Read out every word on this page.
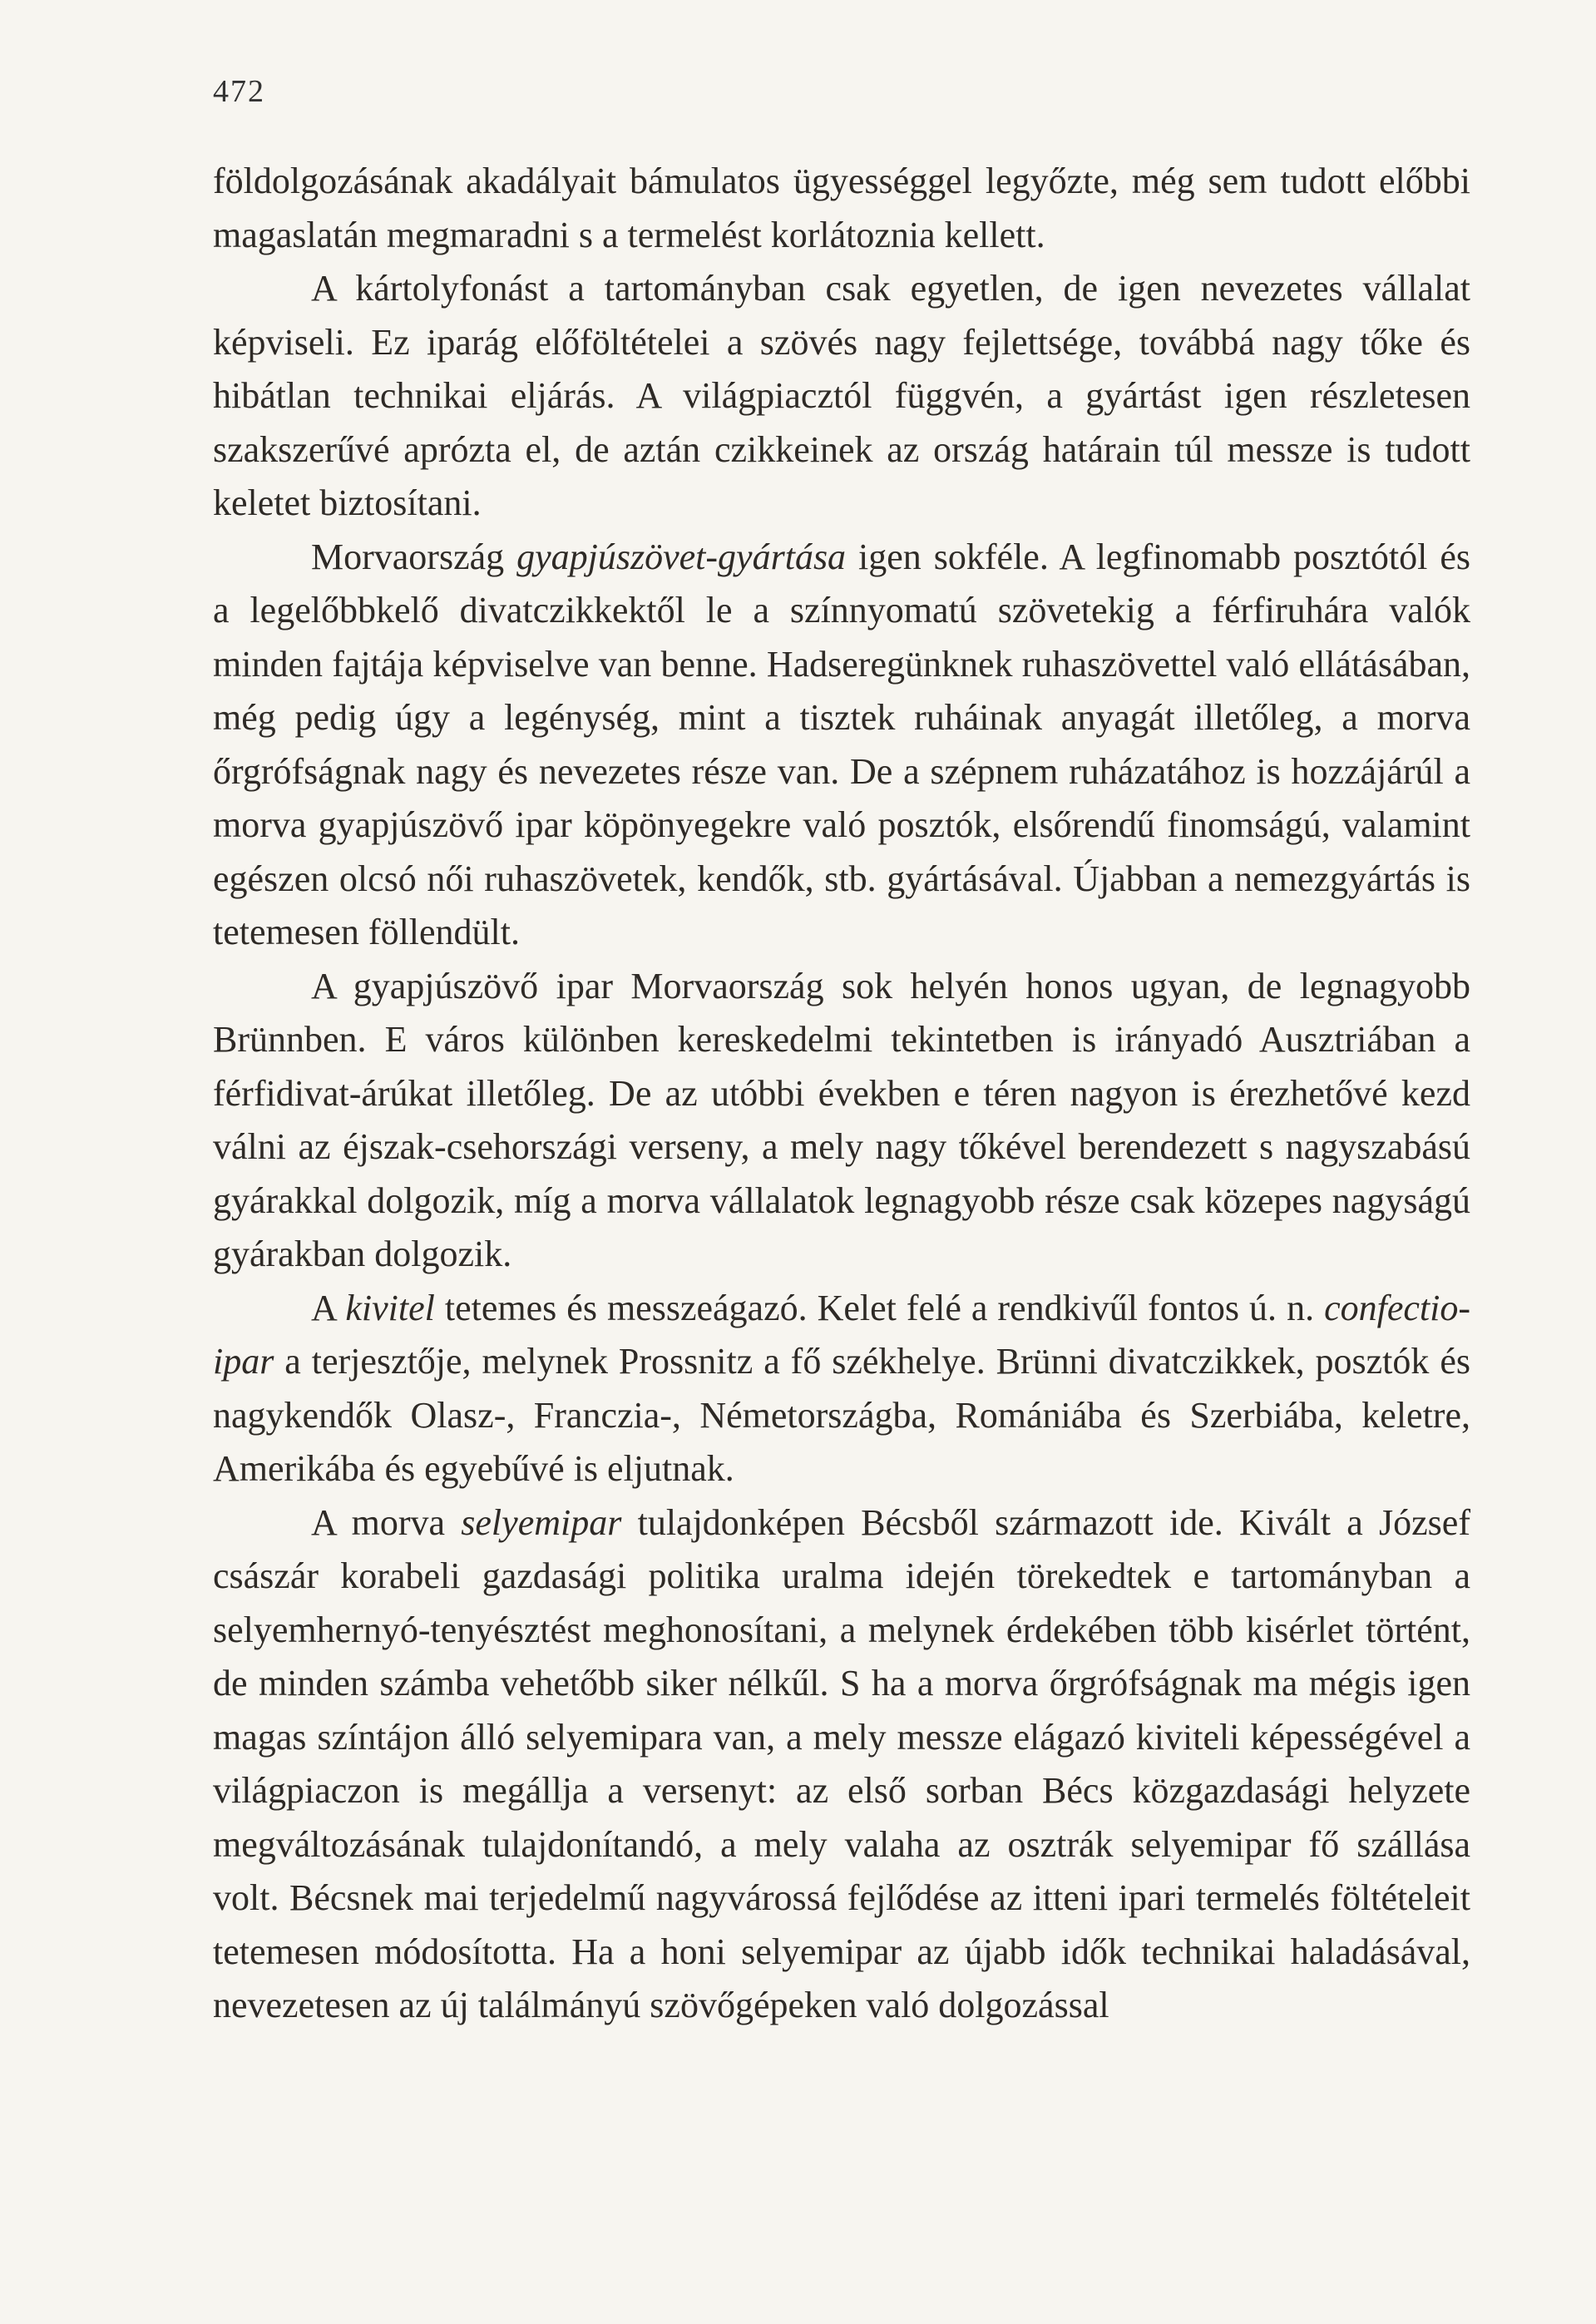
472

földolgozásának akadályait bámulatos ügyességgel legyőzte, még sem tudott előbbi magaslatán megmaradni s a termelést korlátoznia kellett.

A kártolyfonást a tartományban csak egyetlen, de igen nevezetes vállalat képviseli. Ez iparág előföltételei a szövés nagy fejlettsége, továbbá nagy tőke és hibátlan technikai eljárás. A világpiacztól függvén, a gyártást igen részletesen szakszerűvé aprózta el, de aztán czikkeinek az ország határain túl messze is tudott keletet biztosítani.

Morvaország gyapjúszövet-gyártása igen sokféle. A legfinomabb posztótól és a legelőbbkelő divatczikkektől le a színnyomatú szövetekig a férfiruhára valók minden fajtája képviselve van benne. Hadseregünknek ruhaszövettel való ellátásában, még pedig úgy a legénység, mint a tisztek ruháinak anyagát illetőleg, a morva őrgrófságnak nagy és nevezetes része van. De a szépnem ruházatához is hozzájárúl a morva gyapjúszövő ipar köpönyegekre való posztók, elsőrendű finomságú, valamint egészen olcsó női ruhaszövetek, kendők, stb. gyártásával. Újabban a nemezgyártás is tetemesen föllendült.

A gyapjúszövő ipar Morvaország sok helyén honos ugyan, de legnagyobb Brünnben. E város különben kereskedelmi tekintetben is irányadó Ausztriában a férfidivat-árúkat illetőleg. De az utóbbi években e téren nagyon is érezhetővé kezd válni az éjszak-csehországi verseny, a mely nagy tőkével berendezett s nagyszabású gyárakkal dolgozik, míg a morva vállalatok legnagyobb része csak közepes nagyságú gyárakban dolgozik.

A kivitel tetemes és messzeágazó. Kelet felé a rendkivűl fontos ú. n. confectio-ipar a terjesztője, melynek Prossnitz a fő székhelye. Brünni divatczikkek, posztók és nagykendők Olasz-, Franczia-, Németországba, Romániába és Szerbiába, keletre, Amerikába és egyebűvé is eljutnak.

A morva selyemipar tulajdonképen Bécsből származott ide. Kivált a József császár korabeli gazdasági politika uralma idején törekedtek e tartományban a selyemhernyó-tenyésztést meghonosítani, a melynek érdekében több kisérlet történt, de minden számba vehetőbb siker nélkűl. S ha a morva őrgrófságnak ma mégis igen magas színtájon álló selyemipara van, a mely messze elágazó kiviteli képességével a világpiaczon is megállja a versenyt: az első sorban Bécs közgazdasági helyzete megváltozásának tulajdonítandó, a mely valaha az osztrák selyemipar fő szállása volt. Bécsnek mai terjedelmű nagyvárossá fejlődése az itteni ipari termelés föltételeit tetemesen módosította. Ha a honi selyemipar az újabb idők technikai haladásával, nevezetesen az új találmányú szövőgépeken való dolgozással
